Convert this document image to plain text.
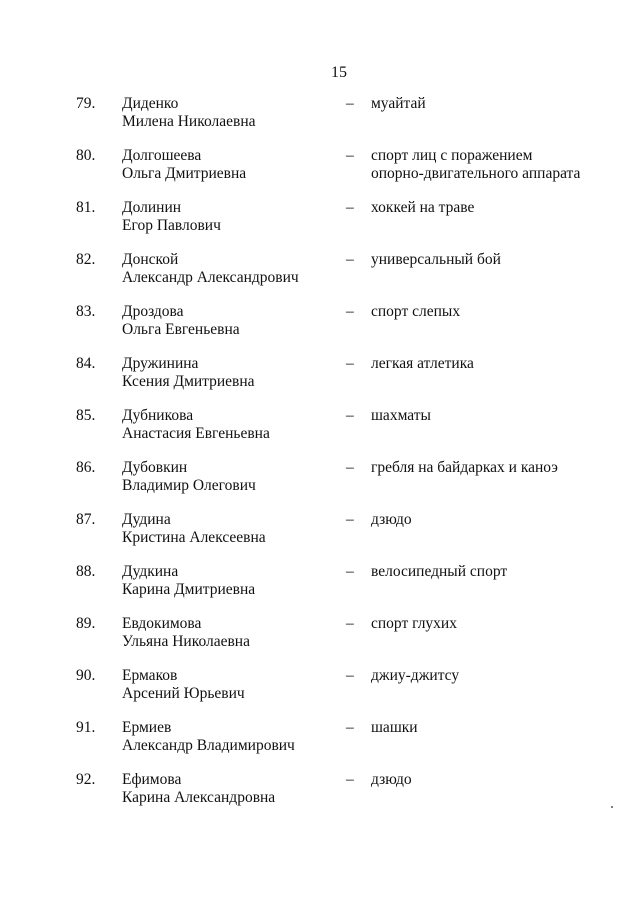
15
79. Диденко
Милена Николаевна
– муайтай
80. Долгошеева
Ольга Дмитриевна
– спорт лиц с поражением
опорно-двигательного аппарата
81. Долинин
Егор Павлович
– хоккей на траве
82. Донской
Александр Александрович
– универсальный бой
83. Дроздова
Ольга Евгеньевна
– спорт слепых
84. Дружинина
Ксения Дмитриевна
– легкая атлетика
85. Дубникова
Анастасия Евгеньевна
– шахматы
86. Дубовкин
Владимир Олегович
– гребля на байдарках и каноэ
87. Дудина
Кристина Алексеевна
– дзюдо
88. Дудкина
Карина Дмитриевна
– велосипедный спорт
89. Евдокимова
Ульяна Николаевна
– спорт глухих
90. Ермаков
Арсений Юрьевич
– джиу-джитсу
91. Ермиев
Александр Владимирович
– шашки
92. Ефимова
Карина Александровна
– дзюдо
